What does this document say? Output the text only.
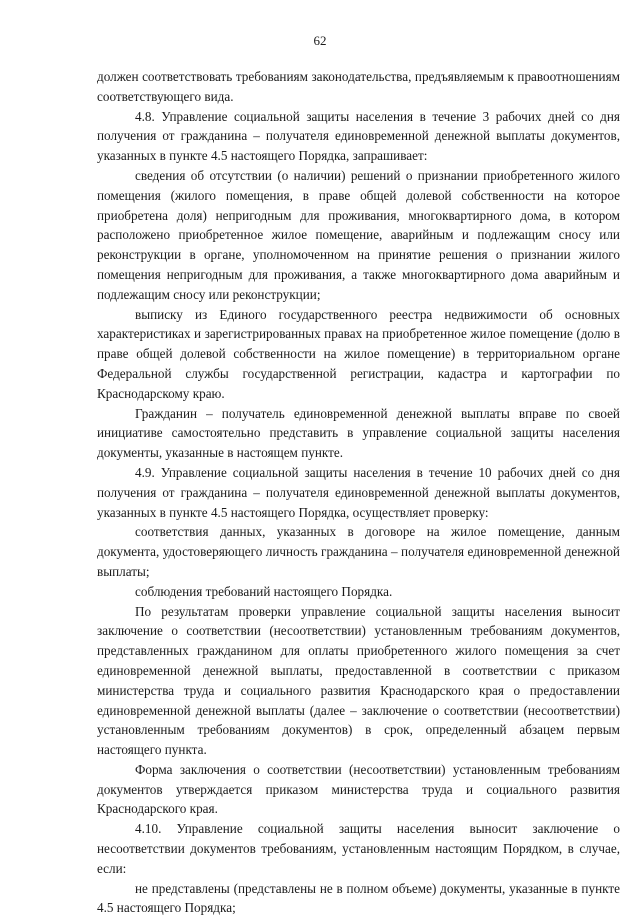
62

должен соответствовать требованиям законодательства, предъявляемым к правоотношениям соответствующего вида.

4.8. Управление социальной защиты населения в течение 3 рабочих дней со дня получения от гражданина – получателя единовременной денежной выплаты документов, указанных в пункте 4.5 настоящего Порядка, запрашивает:

сведения об отсутствии (о наличии) решений о признании приобретенного жилого помещения (жилого помещения, в праве общей долевой собственности на которое приобретена доля) непригодным для проживания, многоквартирного дома, в котором расположено приобретенное жилое помещение, аварийным и подлежащим сносу или реконструкции в органе, уполномоченном на принятие решения о признании жилого помещения непригодным для проживания, а также многоквартирного дома аварийным и подлежащим сносу или реконструкции;

выписку из Единого государственного реестра недвижимости об основных характеристиках и зарегистрированных правах на приобретенное жилое помещение (долю в праве общей долевой собственности на жилое помещение) в территориальном органе Федеральной службы государственной регистрации, кадастра и картографии по Краснодарскому краю.

Гражданин – получатель единовременной денежной выплаты вправе по своей инициативе самостоятельно представить в управление социальной защиты населения документы, указанные в настоящем пункте.

4.9. Управление социальной защиты населения в течение 10 рабочих дней со дня получения от гражданина – получателя единовременной денежной выплаты документов, указанных в пункте 4.5 настоящего Порядка, осуществляет проверку:

соответствия данных, указанных в договоре на жилое помещение, данным документа, удостоверяющего личность гражданина – получателя единовременной денежной выплаты;

соблюдения требований настоящего Порядка.

По результатам проверки управление социальной защиты населения выносит заключение о соответствии (несоответствии) установленным требованиям документов, представленных гражданином для оплаты приобретенного жилого помещения за счет единовременной денежной выплаты, предоставленной в соответствии с приказом министерства труда и социального развития Краснодарского края о предоставлении единовременной денежной выплаты (далее – заключение о соответствии (несоответствии) установленным требованиям документов) в срок, определенный абзацем первым настоящего пункта.

Форма заключения о соответствии (несоответствии) установленным требованиям документов утверждается приказом министерства труда и социального развития Краснодарского края.

4.10. Управление социальной защиты населения выносит заключение о несоответствии документов требованиям, установленным настоящим Порядком, в случае, если:

не представлены (представлены не в полном объеме) документы, указанные в пункте 4.5 настоящего Порядка;
